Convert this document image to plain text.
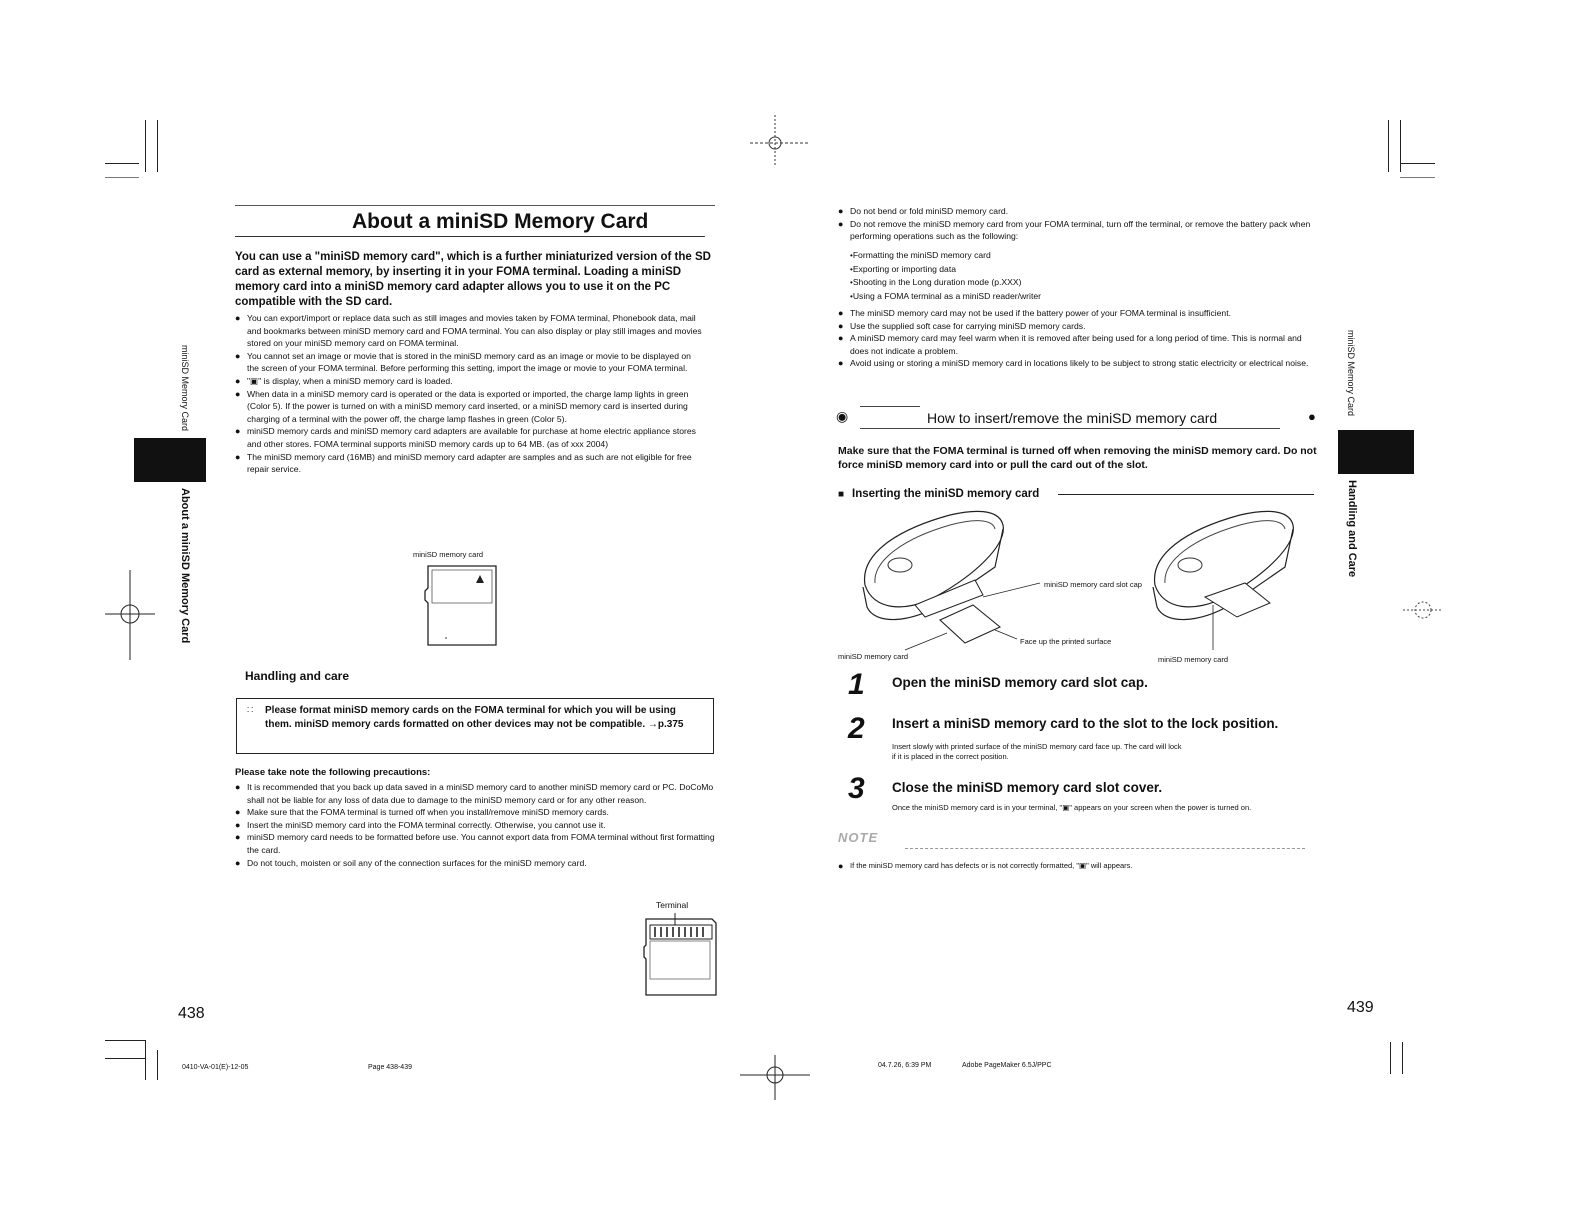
About a miniSD Memory Card
You can use a "miniSD memory card", which is a further miniaturized version of the SD card as external memory, by inserting it in your FOMA terminal. Loading a miniSD memory card into a miniSD memory card adapter allows you to use it on the PC compatible with the SD card.
● You can export/import or replace data such as still images and movies taken by FOMA terminal, Phonebook data, mail and bookmarks between miniSD memory card and FOMA terminal. You can also display or play still images and movies stored on your miniSD memory card on FOMA terminal.
● You cannot set an image or movie that is stored in the miniSD memory card as an image or movie to be displayed on the screen of your FOMA terminal. Before performing this setting, import the image or movie to your FOMA terminal.
● "▣" is display, when a miniSD memory card is loaded.
● When data in a miniSD memory card is operated or the data is exported or imported, the charge lamp lights in green (Color 5). If the power is turned on with a miniSD memory card inserted, or a miniSD memory card is inserted during charging of a terminal with the power off, the charge lamp flashes in green (Color 5).
● miniSD memory cards and miniSD memory card adapters are available for purchase at home electric appliance stores and other stores. FOMA terminal supports miniSD memory cards up to 64 MB. (as of xxx 2004)
● The miniSD memory card (16MB) and miniSD memory card adapter are samples and as such are not eligible for free repair service.
miniSD memory card
Handling and care
∷ Please format miniSD memory cards on the FOMA terminal for which you will be using them. miniSD memory cards formatted on other devices may not be compatible. →p.375
Please take note the following precautions:
● It is recommended that you back up data saved in a miniSD memory card to another miniSD memory card or PC. DoCoMo shall not be liable for any loss of data due to damage to the miniSD memory card or for any other reason.
● Make sure that the FOMA terminal is turned off when you install/remove miniSD memory cards.
● Insert the miniSD memory card into the FOMA terminal correctly. Otherwise, you cannot use it.
● miniSD memory card needs to be formatted before use. You cannot export data from FOMA terminal without first formatting the card.
● Do not touch, moisten or soil any of the connection surfaces for the miniSD memory card.
Terminal
438
0410-VA-01(E)-12-05	Page 438-439
miniSD Memory Card
About a miniSD Memory Card
● Do not bend or fold miniSD memory card.
● Do not remove the miniSD memory card from your FOMA terminal, turn off the terminal, or remove the battery pack when performing operations such as the following:
• Formatting the miniSD memory card
• Exporting or importing data
• Shooting in the Long duration mode (p.XXX)
• Using a FOMA terminal as a miniSD reader/writer
● The miniSD memory card may not be used if the battery power of your FOMA terminal is insufficient.
● Use the supplied soft case for carrying miniSD memory cards.
● A miniSD memory card may feel warm when it is removed after being used for a long period of time. This is normal and does not indicate a problem.
● Avoid using or storing a miniSD memory card in locations likely to be subject to strong static electricity or electrical noise.
◉	How to insert/remove the miniSD memory card	●
Make sure that the FOMA terminal is turned off when removing the miniSD memory card. Do not force miniSD memory card into or pull the card out of the slot.
■ Inserting the miniSD memory card
miniSD memory card slot cap
Face up the printed surface
miniSD memory card	miniSD memory card
1 Open the miniSD memory card slot cap.
2 Insert a miniSD memory card to the slot to the lock position.
Insert slowly with printed surface of the miniSD memory card face up. The card will lock if it is placed in the correct position.
3 Close the miniSD memory card slot cover.
Once the miniSD memory card is in your terminal, "▣" appears on your screen when the power is turned on.
NOTE
● If the miniSD memory card has defects or is not correctly formatted, "▣" will appears.
439
04.7.26, 6:39 PM	Adobe PageMaker 6.5J/PPC
miniSD Memory Card
Handling and Care
